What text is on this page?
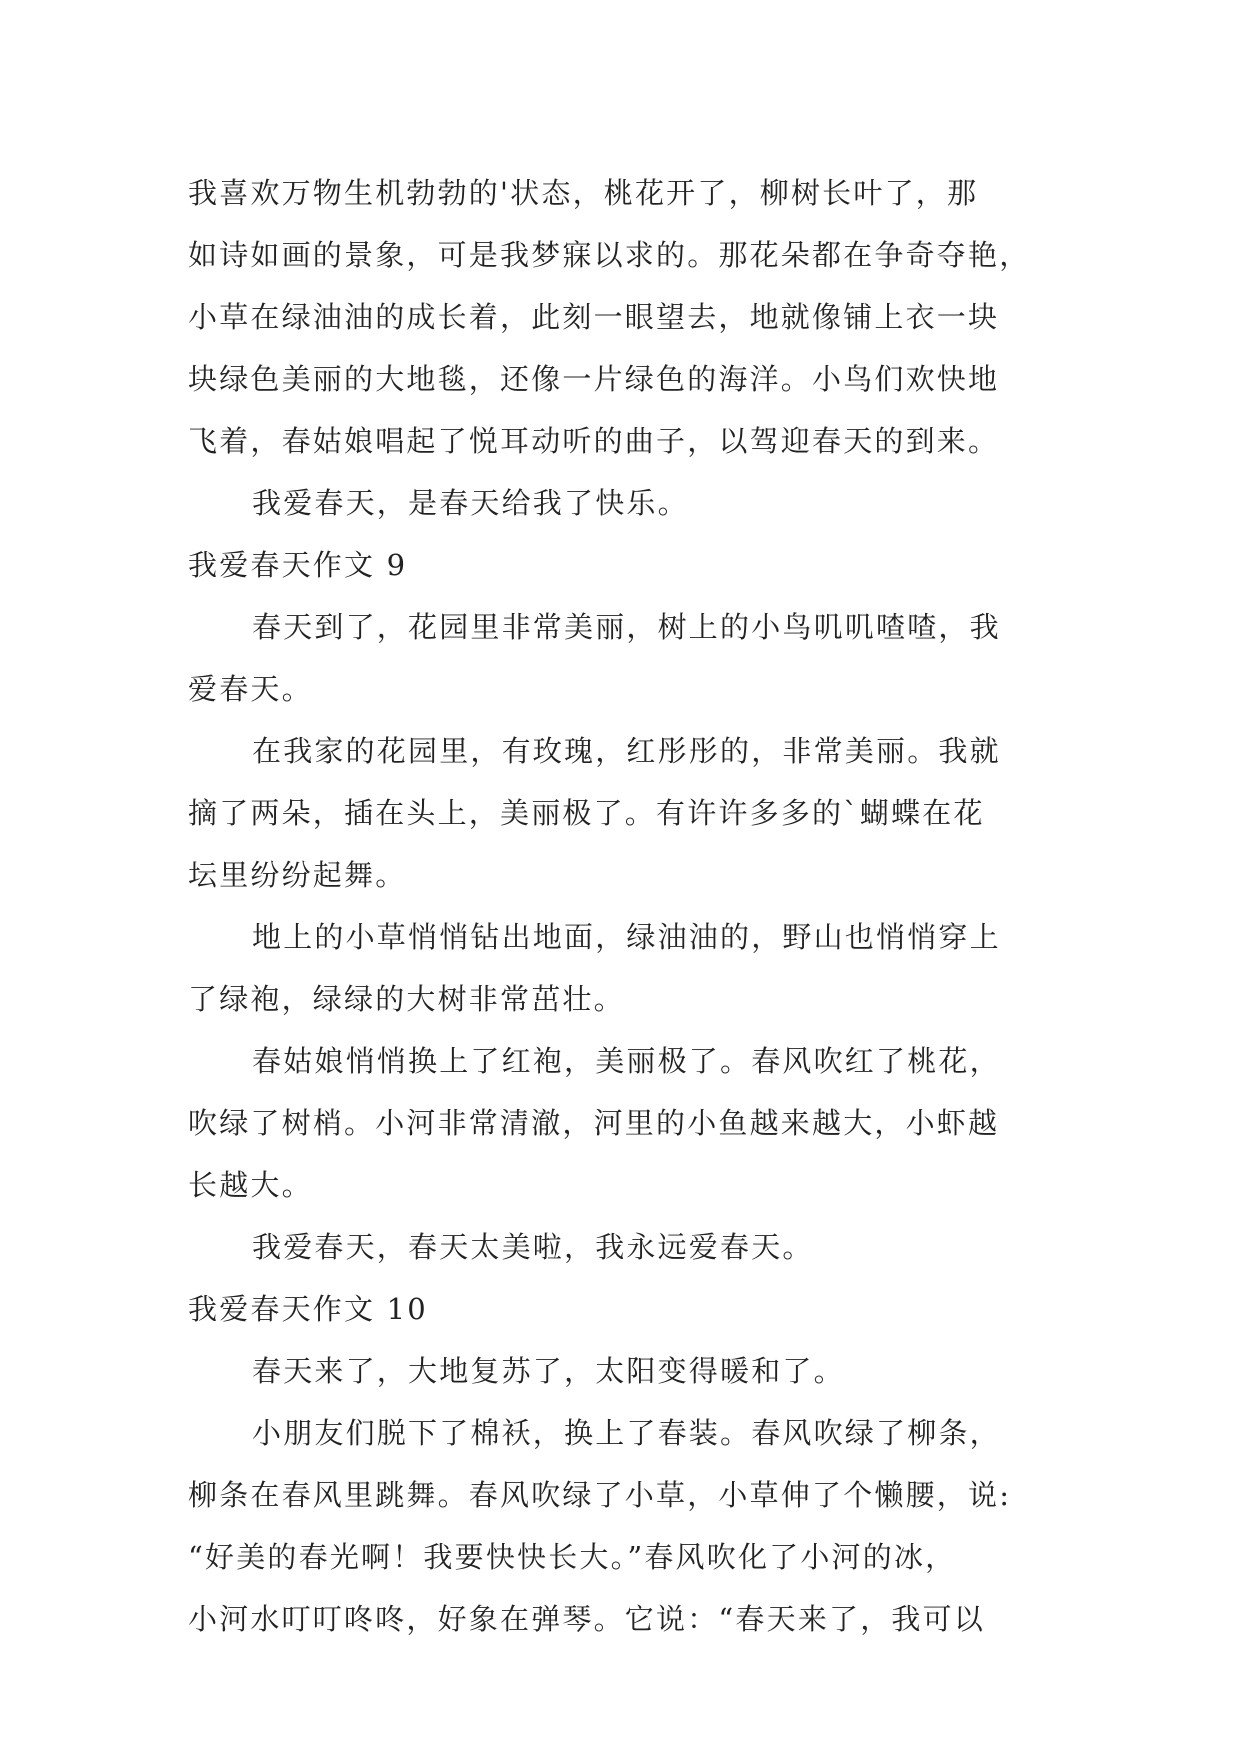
我喜欢万物生机勃勃的'状态，桃花开了，柳树长叶了，那
如诗如画的景象，可是我梦寐以求的。那花朵都在争奇夺艳，
小草在绿油油的成长着，此刻一眼望去，地就像铺上衣一块
块绿色美丽的大地毯，还像一片绿色的海洋。小鸟们欢快地
飞着，春姑娘唱起了悦耳动听的曲子，以驾迎春天的到来。
我爱春天，是春天给我了快乐。
我爱春天作文 9
春天到了，花园里非常美丽，树上的小鸟叽叽喳喳，我
爱春天。
在我家的花园里，有玫瑰，红彤彤的，非常美丽。我就
摘了两朵，插在头上，美丽极了。有许许多多的`蝴蝶在花
坛里纷纷起舞。
地上的小草悄悄钻出地面，绿油油的，野山也悄悄穿上
了绿袍，绿绿的大树非常茁壮。
春姑娘悄悄换上了红袍，美丽极了。春风吹红了桃花，
吹绿了树梢。小河非常清澈，河里的小鱼越来越大，小虾越
长越大。
我爱春天，春天太美啦，我永远爱春天。
我爱春天作文 10
春天来了，大地复苏了，太阳变得暖和了。
小朋友们脱下了棉袄，换上了春装。春风吹绿了柳条，
柳条在春风里跳舞。春风吹绿了小草，小草伸了个懒腰，说:
“好美的春光啊！我要快快长大。”春风吹化了小河的冰，
小河水叮叮咚咚，好象在弹琴。它说：“春天来了，我可以
